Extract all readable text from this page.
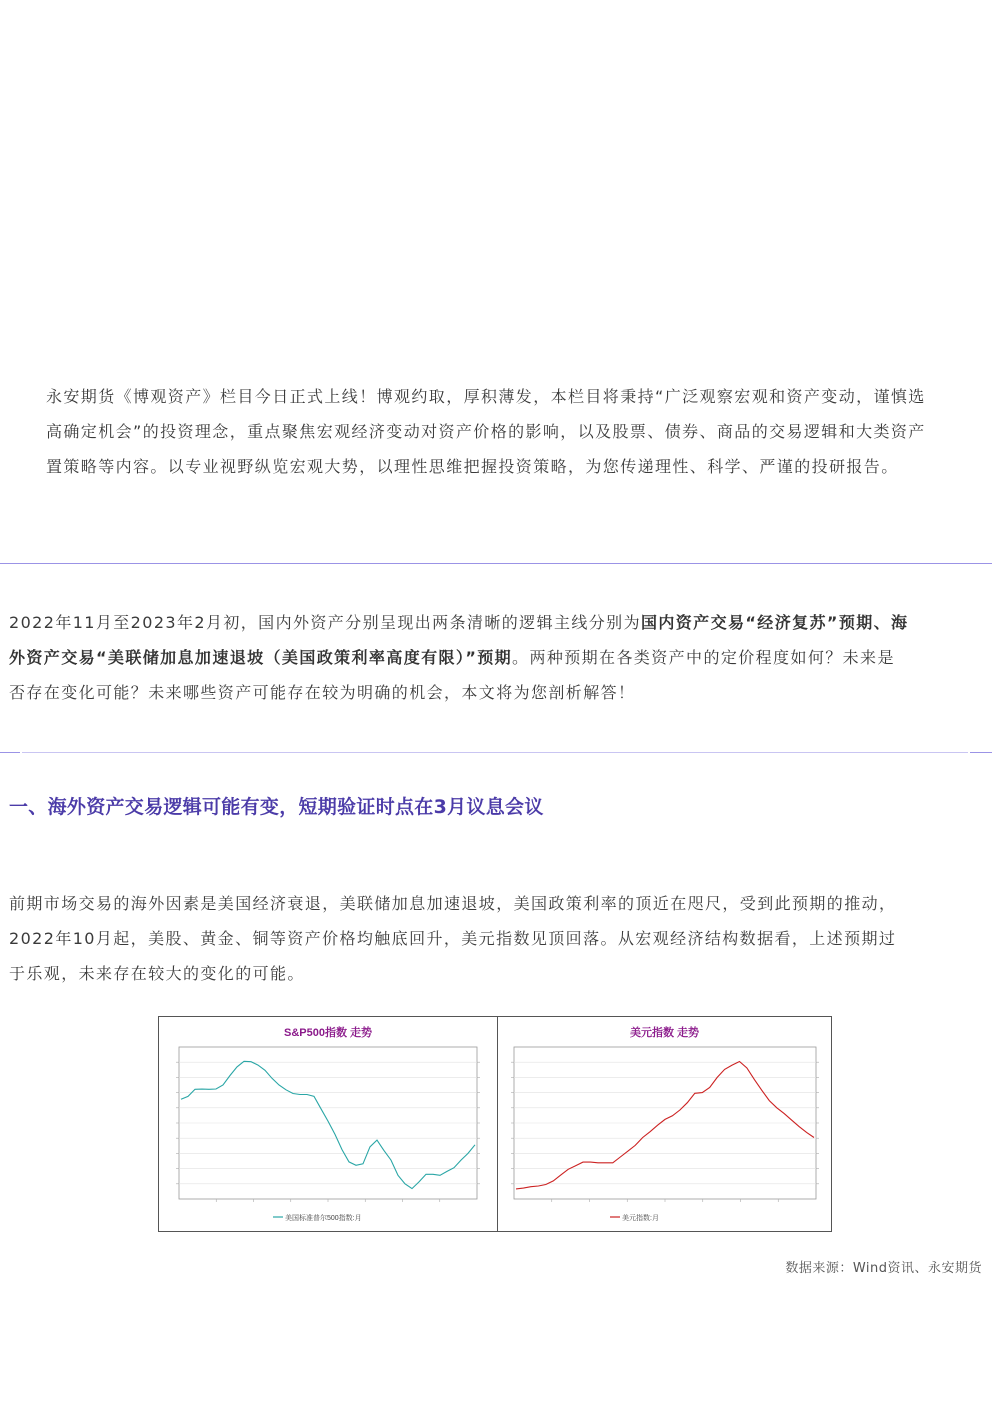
永安期货《博观资产》栏目今日正式上线！博观约取，厚积薄发，本栏目将秉持“广泛观察宏观和资产变动，谨慎选
高确定机会”的投资理念，重点聚焦宏观经济变动对资产价格的影响，以及股票、债券、商品的交易逻辑和大类资产
置策略等内容。以专业视野纵览宏观大势，以理性思维把握投资策略，为您传递理性、科学、严谨的投研报告。
2022年11月至2023年2月初，国内外资产分别呈现出两条清晰的逻辑主线分别为国内资产交易“经济复苏”预期、海
外资产交易“美联储加息加速退坡（美国政策利率高度有限）”预期。两种预期在各类资产中的定价程度如何？未来是
否存在变化可能？未来哪些资产可能存在较为明确的机会，本文将为您剖析解答！
一、海外资产交易逻辑可能有变，短期验证时点在3月议息会议
前期市场交易的海外因素是美国经济衰退，美联储加息加速退坡，美国政策利率的顶近在咫尺，受到此预期的推动，
2022年10月起，美股、黄金、铜等资产价格均触底回升，美元指数见顶回落。从宏观经济结构数据看，上述预期过
于乐观，未来存在较大的变化的可能。
S&P500指数 走势
美国标准普尔500指数:月
美元指数 走势
美元指数:月
数据来源：Wind资讯、永安期货
